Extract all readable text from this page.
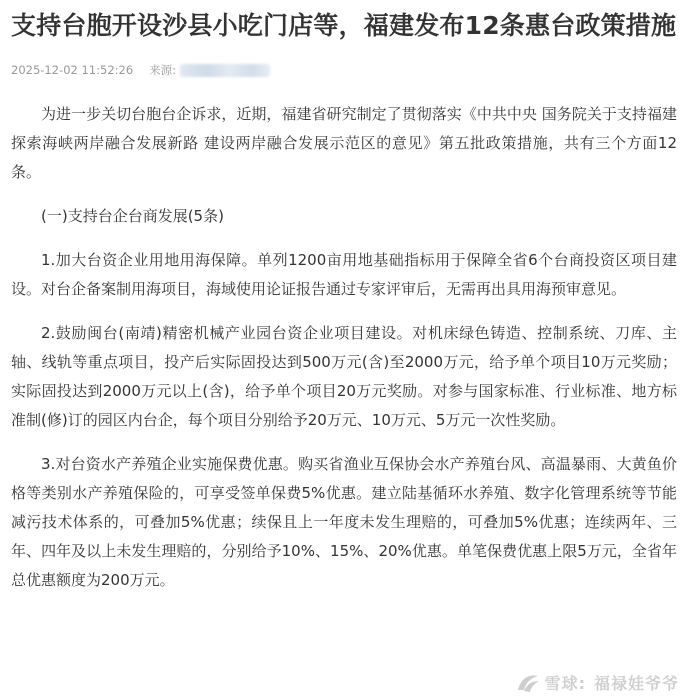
支持台胞开设沙县小吃门店等，福建发布12条惠台政策措施
2025-12-02 11:52:26 来源:

为进一步关切台胞台企诉求，近期，福建省研究制定了贯彻落实《中共中央 国务院关于支持福建探索海峡两岸融合发展新路 建设两岸融合发展示范区的意见》第五批政策措施，共有三个方面12条。

(一)支持台企台商发展(5条)

1.加大台资企业用地用海保障。单列1200亩用地基础指标用于保障全省6个台商投资区项目建设。对台企备案制用海项目，海域使用论证报告通过专家评审后，无需再出具用海预审意见。

2.鼓励闽台(南靖)精密机械产业园台资企业项目建设。对机床绿色铸造、控制系统、刀库、主轴、线轨等重点项目，投产后实际固投达到500万元(含)至2000万元，给予单个项目10万元奖励；实际固投达到2000万元以上(含)，给予单个项目20万元奖励。对参与国家标准、行业标准、地方标准制(修)订的园区内台企，每个项目分别给予20万元、10万元、5万元一次性奖励。

3.对台资水产养殖企业实施保费优惠。购买省渔业互保协会水产养殖台风、高温暴雨、大黄鱼价格等类别水产养殖保险的，可享受签单保费5%优惠。建立陆基循环水养殖、数字化管理系统等节能减污技术体系的，可叠加5%优惠；续保且上一年度未发生理赔的，可叠加5%优惠；连续两年、三年、四年及以上未发生理赔的，分别给予10%、15%、20%优惠。单笔保费优惠上限5万元，全省年总优惠额度为200万元。

雪球: 福禄娃爷爷
